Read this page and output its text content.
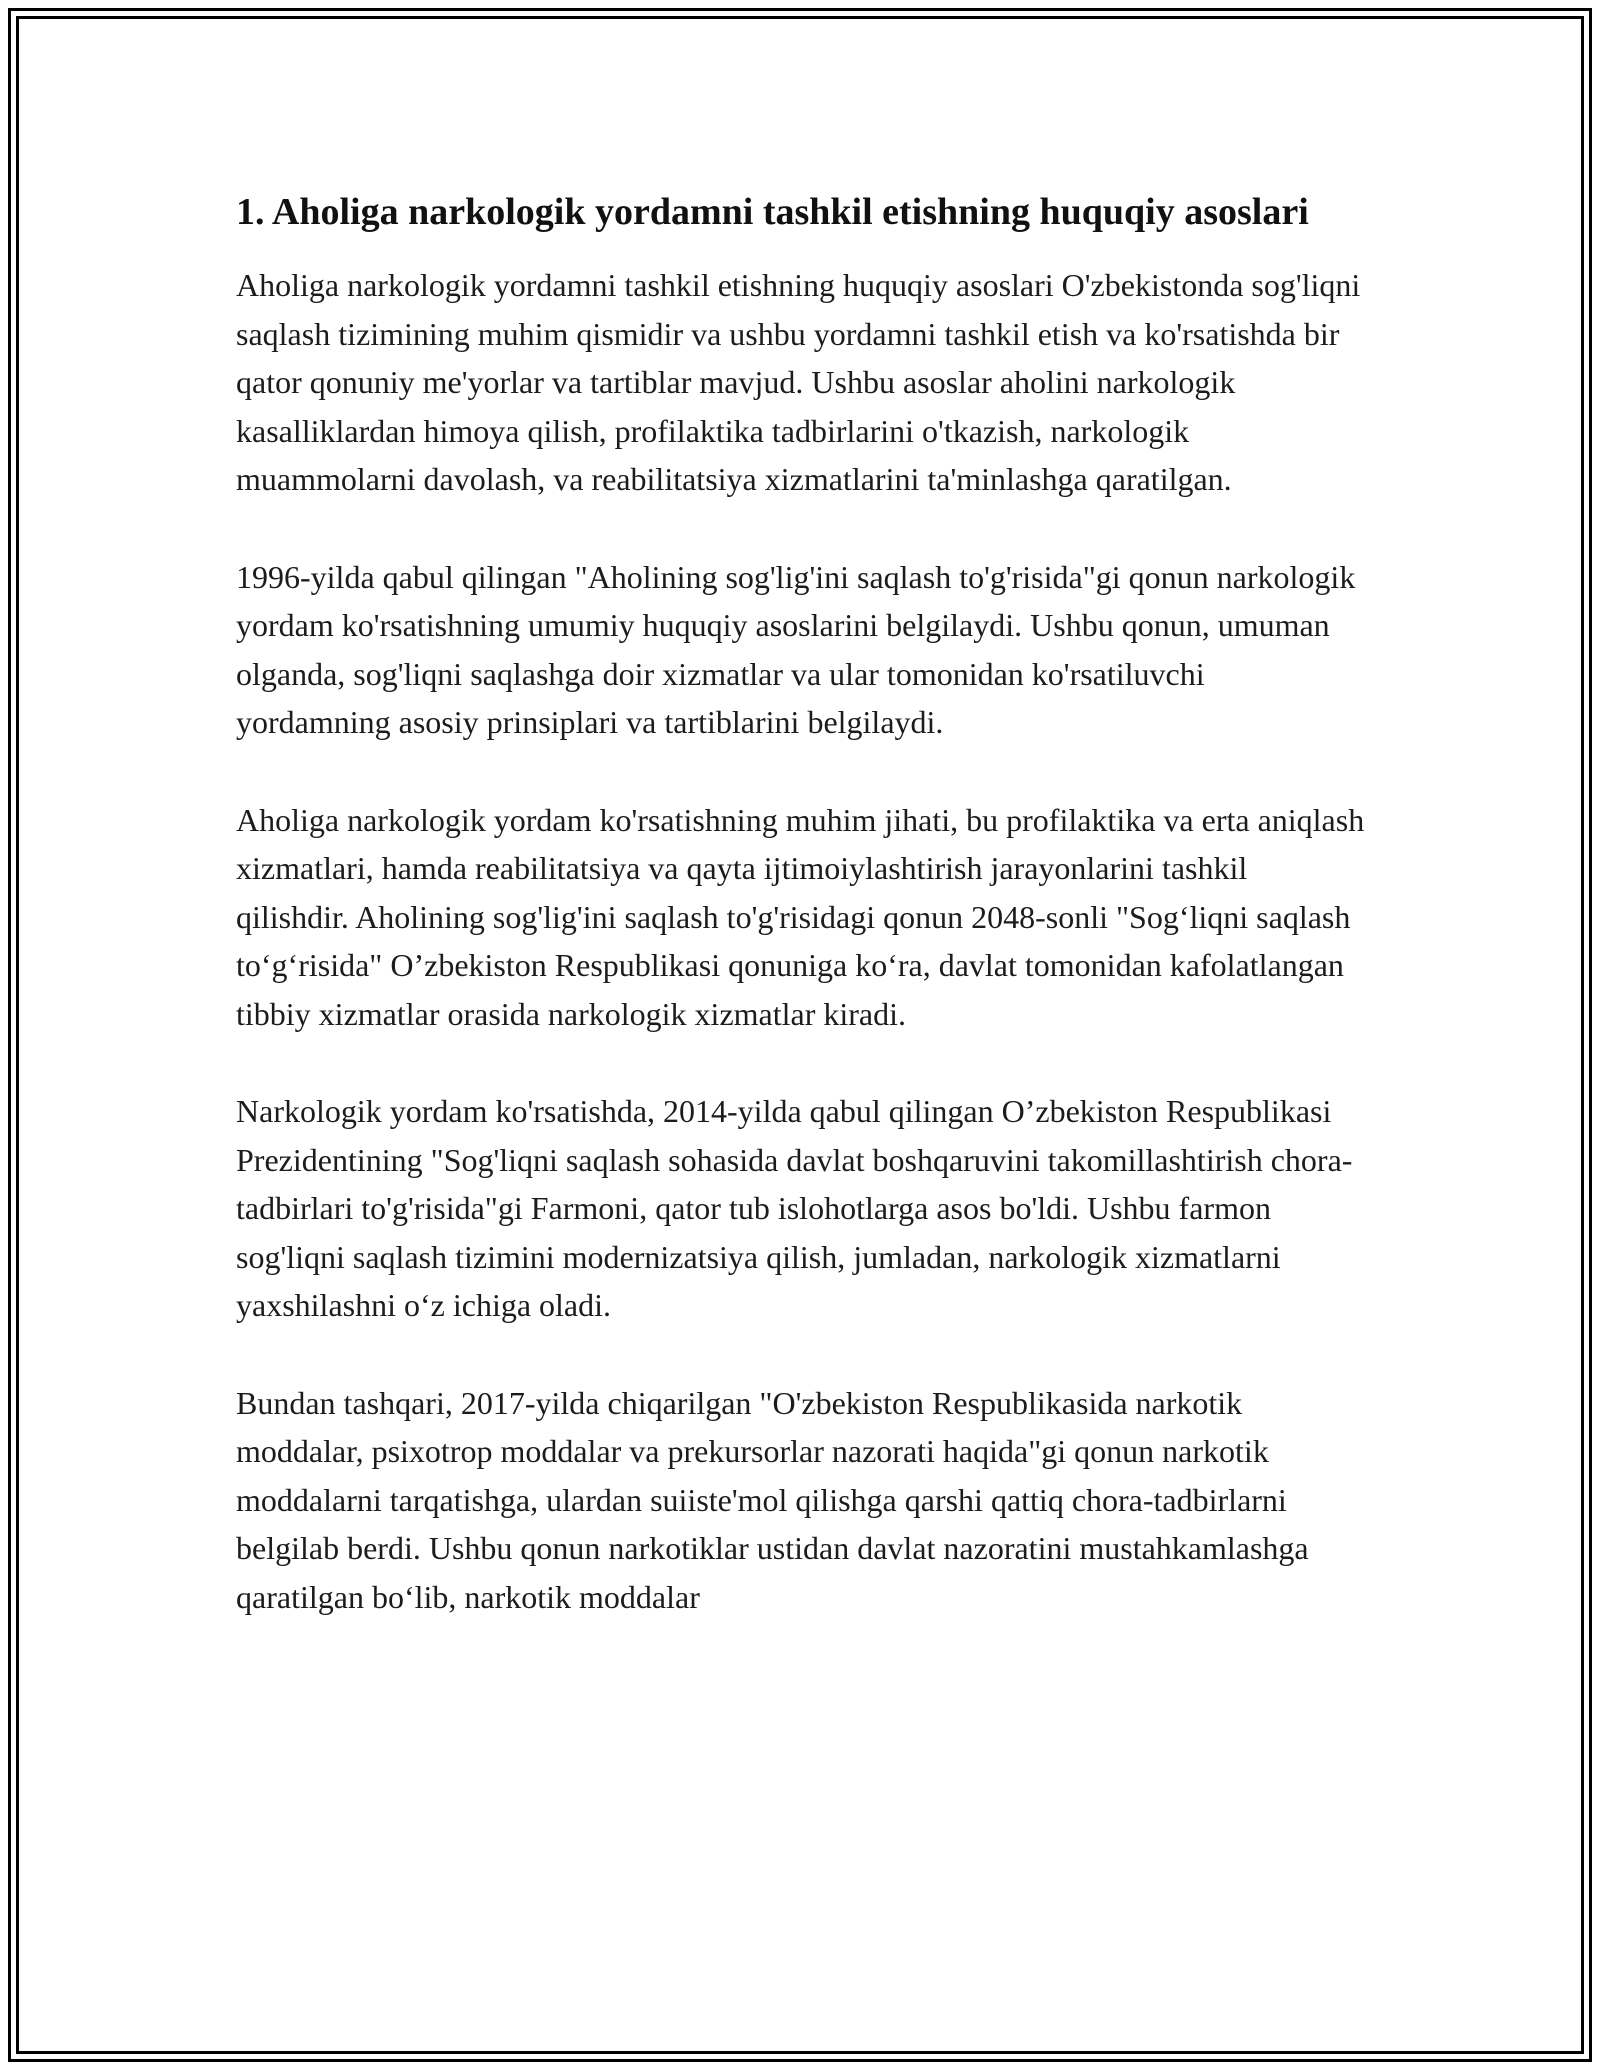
1. Aholiga narkologik yordamni tashkil etishning huquqiy asoslari

Aholiga narkologik yordamni tashkil etishning huquqiy asoslari O'zbekistonda sog'liqni saqlash tizimining muhim qismidir va ushbu yordamni tashkil etish va ko'rsatishda bir qator qonuniy me'yorlar va tartiblar mavjud. Ushbu asoslar aholini narkologik kasalliklardan himoya qilish, profilaktika tadbirlarini o'tkazish, narkologik muammolarni davolash, va reabilitatsiya xizmatlarini ta'minlashga qaratilgan.

1996-yilda qabul qilingan "Aholining sog'lig'ini saqlash to'g'risida"gi qonun narkologik yordam ko'rsatishning umumiy huquqiy asoslarini belgilaydi. Ushbu qonun, umuman olganda, sog'liqni saqlashga doir xizmatlar va ular tomonidan ko'rsatiluvchi yordamning asosiy prinsiplari va tartiblarini belgilaydi.

Aholiga narkologik yordam ko'rsatishning muhim jihati, bu profilaktika va erta aniqlash xizmatlari, hamda reabilitatsiya va qayta ijtimoiylashtirish jarayonlarini tashkil qilishdir. Aholining sog'lig'ini saqlash to'g'risidagi qonun 2048-sonli "Sog‘liqni saqlash to‘g‘risida" O’zbekiston Respublikasi qonuniga ko‘ra, davlat tomonidan kafolatlangan tibbiy xizmatlar orasida narkologik xizmatlar kiradi.

Narkologik yordam ko'rsatishda, 2014-yilda qabul qilingan O’zbekiston Respublikasi Prezidentining "Sog'liqni saqlash sohasida davlat boshqaruvini takomillashtirish chora-tadbirlari to'g'risida"gi Farmoni, qator tub islohotlarga asos bo'ldi. Ushbu farmon sog'liqni saqlash tizimini modernizatsiya qilish, jumladan, narkologik xizmatlarni yaxshilashni o‘z ichiga oladi.

Bundan tashqari, 2017-yilda chiqarilgan "O'zbekiston Respublikasida narkotik moddalar, psixotrop moddalar va prekursorlar nazorati haqida"gi qonun narkotik moddalarni tarqatishga, ulardan suiiste'mol qilishga qarshi qattiq chora-tadbirlarni belgilab berdi. Ushbu qonun narkotiklar ustidan davlat nazoratini mustahkamlashga qaratilgan bo‘lib, narkotik moddalar
